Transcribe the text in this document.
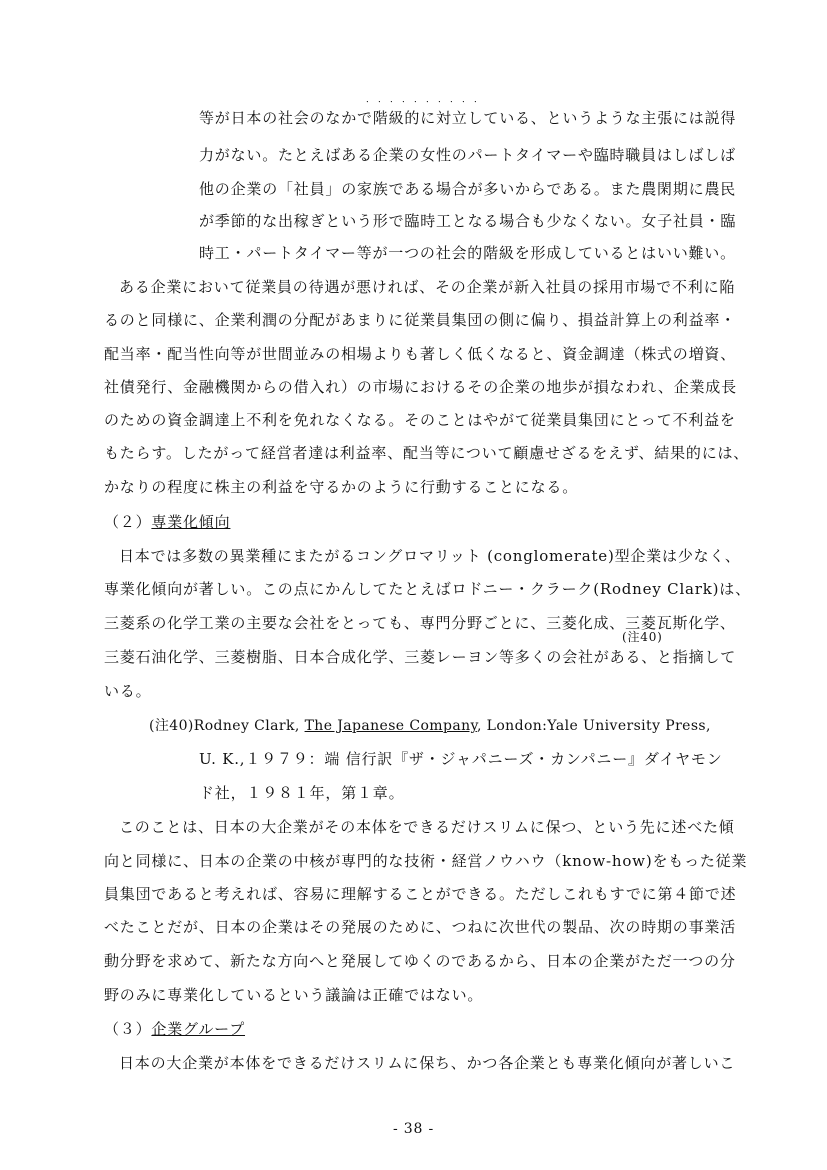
．．．．．．．．．．
等が日本の社会のなかで階級的に対立している、というような主張には説得
力がない。たとえばある企業の女性のパートタイマーや臨時職員はしばしば
他の企業の「社員」の家族である場合が多いからである。また農閑期に農民
が季節的な出稼ぎという形で臨時工となる場合も少なくない。女子社員・臨
時工・パートタイマー等が一つの社会的階級を形成しているとはいい難い。
ある企業において従業員の待遇が悪ければ、その企業が新入社員の採用市場で不利に陥
るのと同様に、企業利潤の分配があまりに従業員集団の側に偏り、損益計算上の利益率・
配当率・配当性向等が世間並みの相場よりも著しく低くなると、資金調達（株式の増資、
社債発行、金融機関からの借入れ）の市場におけるその企業の地歩が損なわれ、企業成長
のための資金調達上不利を免れなくなる。そのことはやがて従業員集団にとって不利益を
もたらす。したがって経営者達は利益率、配当等について顧慮せざるをえず、結果的には、
かなりの程度に株主の利益を守るかのように行動することになる。
（２）専業化傾向
日本では多数の異業種にまたがるコングロマリット (conglomerate)型企業は少なく、
専業化傾向が著しい。この点にかんしてたとえばロドニー・クラーク(Rodney Clark)は、
三菱系の化学工業の主要な会社をとっても、専門分野ごとに、三菱化成、三菱瓦斯化学、
(注40)
三菱石油化学、三菱樹脂、日本合成化学、三菱レーヨン等多くの会社がある、と指摘して
いる。
(注40)Rodney Clark, The Japanese Company, London:Yale University Press,
U. K.,１９７９：端 信行訳『ザ・ジャパニーズ・カンパニー』ダイヤモン
ド社，１９８１年，第１章。
このことは、日本の大企業がその本体をできるだけスリムに保つ、という先に述べた傾
向と同様に、日本の企業の中核が専門的な技術・経営ノウハウ（know-how)をもった従業
員集団であると考えれば、容易に理解することができる。ただしこれもすでに第４節で述
べたことだが、日本の企業はその発展のために、つねに次世代の製品、次の時期の事業活
動分野を求めて、新たな方向へと発展してゆくのであるから、日本の企業がただ一つの分
野のみに専業化しているという議論は正確ではない。
（３）企業グループ
日本の大企業が本体をできるだけスリムに保ち、かつ各企業とも専業化傾向が著しいこ
- 38 -
